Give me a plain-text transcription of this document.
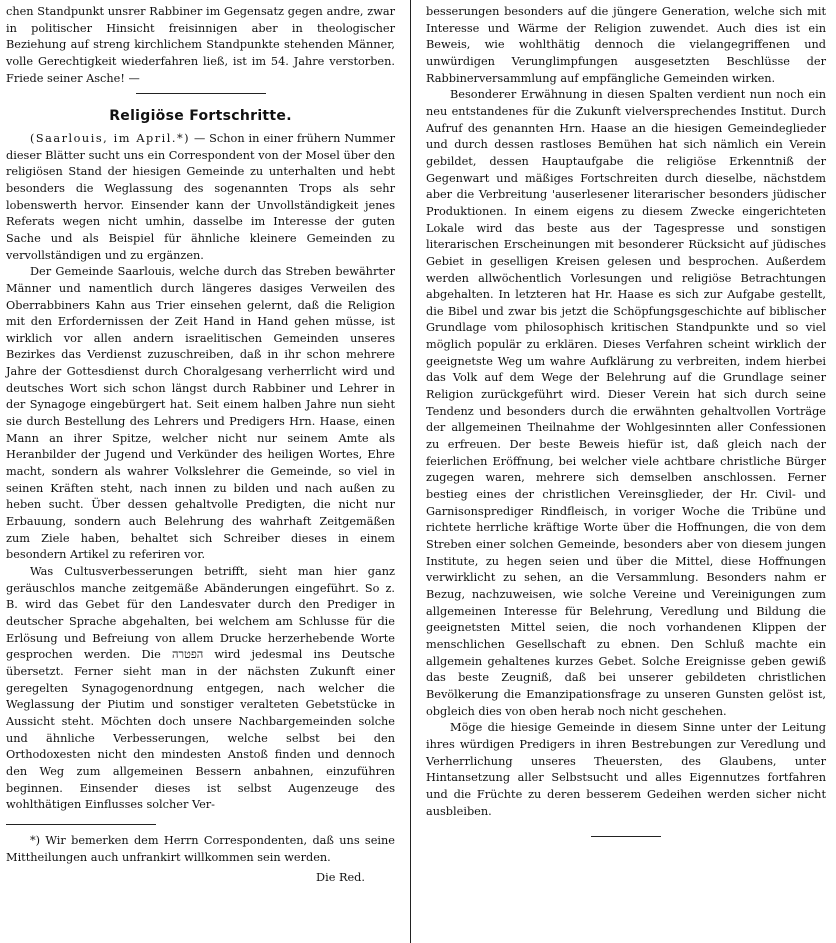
chen Standpunkt unsrer Rabbiner im Gegensatz gegen andre, zwar in politischer Hinsicht freisinnigen aber in theologischer Beziehung auf streng kirchlichem Standpunkte stehenden Männer, volle Gerechtigkeit wiederfahren ließ, ist im 54. Jahre verstorben. Friede seiner Asche! —

Religiöse Fortschritte.

(Saarlouis, im April.*) — Schon in einer frühern Nummer dieser Blätter sucht uns ein Correspondent von der Mosel über den religiösen Stand der hiesigen Gemeinde zu unterhalten und hebt besonders die Weglassung des sogenannten Trops als sehr lobenswerth hervor. Einsender kann der Unvollständigkeit jenes Referats wegen nicht umhin, dasselbe im Interesse der guten Sache und als Beispiel für ähnliche kleinere Gemeinden zu vervollständigen und zu ergänzen.

Der Gemeinde Saarlouis, welche durch das Streben bewährter Männer und namentlich durch längeres dasiges Verweilen des Oberrabbiners Kahn aus Trier einsehen gelernt, daß die Religion mit den Erfordernissen der Zeit Hand in Hand gehen müsse, ist wirklich vor allen andern israelitischen Gemeinden unseres Bezirkes das Verdienst zuzuschreiben, daß in ihr schon mehrere Jahre der Gottesdienst durch Choralgesang verherrlicht wird und deutsches Wort sich schon längst durch Rabbiner und Lehrer in der Synagoge eingebürgert hat. Seit einem halben Jahre nun sieht sie durch Bestellung des Lehrers und Predigers Hrn. Haase, einen Mann an ihrer Spitze, welcher nicht nur seinem Amte als Heranbilder der Jugend und Verkünder des heiligen Wortes, Ehre macht, sondern als wahrer Volkslehrer die Gemeinde, so viel in seinen Kräften steht, nach innen zu bilden und nach außen zu heben sucht. Über dessen gehaltvolle Predigten, die nicht nur Erbauung, sondern auch Belehrung des wahrhaft Zeitgemäßen zum Ziele haben, behaltet sich Schreiber dieses in einem besondern Artikel zu referiren vor.

Was Cultusverbesserungen betrifft, sieht man hier ganz geräuschlos manche zeitgemäße Abänderungen eingeführt. So z. B. wird das Gebet für den Landesvater durch den Prediger in deutscher Sprache abgehalten, bei welchem am Schlusse für die Erlösung und Befreiung von allem Drucke herzerhebende Worte gesprochen werden. Die הפטרה wird jedesmal ins Deutsche übersetzt. Ferner sieht man in der nächsten Zukunft einer geregelten Synagogenordnung entgegen, nach welcher die Weglassung der Piutim und sonstiger veralteten Gebetstücke in Aussicht steht. Möchten doch unsere Nachbargemeinden solche und ähnliche Verbesserungen, welche selbst bei den Orthodoxesten nicht den mindesten Anstoß finden und dennoch den Weg zum allgemeinen Bessern anbahnen, einzuführen beginnen. Einsender dieses ist selbst Augenzeuge des wohlthätigen Einflusses solcher Ver-

*) Wir bemerken dem Herrn Correspondenten, daß uns seine Mittheilungen auch unfrankirt willkommen sein werden.

Die Red.

besserungen besonders auf die jüngere Generation, welche sich mit Interesse und Wärme der Religion zuwendet. Auch dies ist ein Beweis, wie wohlthätig dennoch die vielangegriffenen und unwürdigen Verunglimpfungen ausgesetzten Beschlüsse der Rabbinerversammlung auf empfängliche Gemeinden wirken.

Besonderer Erwähnung in diesen Spalten verdient nun noch ein neu entstandenes für die Zukunft vielversprechendes Institut. Durch Aufruf des genannten Hrn. Haase an die hiesigen Gemeindeglieder und durch dessen rastloses Bemühen hat sich nämlich ein Verein gebildet, dessen Hauptaufgabe die religiöse Erkenntniß der Gegenwart und mäßiges Fortschreiten durch dieselbe, nächstdem aber die Verbreitung 'auserlesener literarischer besonders jüdischer Produktionen. In einem eigens zu diesem Zwecke eingerichteten Lokale wird das beste aus der Tagespresse und sonstigen literarischen Erscheinungen mit besonderer Rücksicht auf jüdisches Gebiet in geselligen Kreisen gelesen und besprochen. Außerdem werden allwöchentlich Vorlesungen und religiöse Betrachtungen abgehalten. In letzteren hat Hr. Haase es sich zur Aufgabe gestellt, die Bibel und zwar bis jetzt die Schöpfungsgeschichte auf biblischer Grundlage vom philosophisch kritischen Standpunkte und so viel möglich populär zu erklären. Dieses Verfahren scheint wirklich der geeignetste Weg um wahre Aufklärung zu verbreiten, indem hierbei das Volk auf dem Wege der Belehrung auf die Grundlage seiner Religion zurückgeführt wird. Dieser Verein hat sich durch seine Tendenz und besonders durch die erwähnten gehaltvollen Vorträge der allgemeinen Theilnahme der Wohlgesinnten aller Confessionen zu erfreuen. Der beste Beweis hiefür ist, daß gleich nach der feierlichen Eröffnung, bei welcher viele achtbare christliche Bürger zugegen waren, mehrere sich demselben anschlossen. Ferner bestieg eines der christlichen Vereinsglieder, der Hr. Civil- und Garnisonsprediger Rindfleisch, in voriger Woche die Tribüne und richtete herrliche kräftige Worte über die Hoffnungen, die von dem Streben einer solchen Gemeinde, besonders aber von diesem jungen Institute, zu hegen seien und über die Mittel, diese Hoffnungen verwirklicht zu sehen, an die Versammlung. Besonders nahm er Bezug, nachzuweisen, wie solche Vereine und Vereinigungen zum allgemeinen Interesse für Belehrung, Veredlung und Bildung die geeignetsten Mittel seien, die noch vorhandenen Klippen der menschlichen Gesellschaft zu ebnen. Den Schluß machte ein allgemein gehaltenes kurzes Gebet. Solche Ereignisse geben gewiß das beste Zeugniß, daß bei unserer gebildeten christlichen Bevölkerung die Emanzipationsfrage zu unseren Gunsten gelöst ist, obgleich dies von oben herab noch nicht geschehen.

Möge die hiesige Gemeinde in diesem Sinne unter der Leitung ihres würdigen Predigers in ihren Bestrebungen zur Veredlung und Verherrlichung unseres Theuersten, des Glaubens, unter Hintansetzung aller Selbstsucht und alles Eigennutzes fortfahren und die Früchte zu deren besserem Gedeihen werden sicher nicht ausbleiben.
